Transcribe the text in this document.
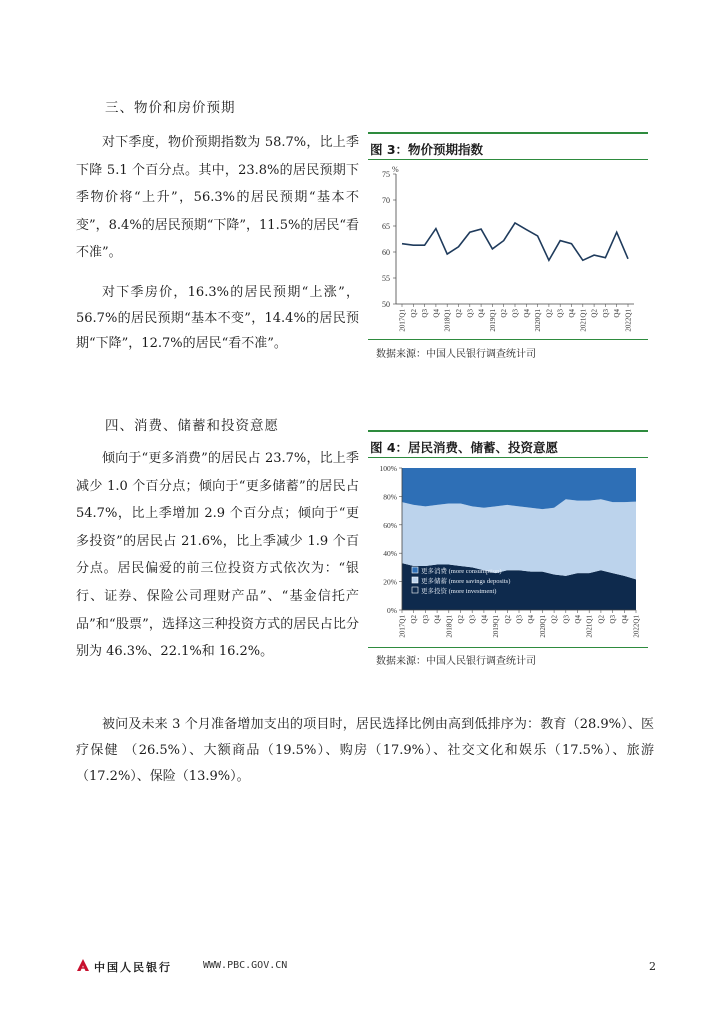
三、物价和房价预期
对下季度，物价预期指数为 58.7%，比上季下降 5.1 个百分点。其中，23.8%的居民预期下季物价将“上升”，56.3%的居民预期“基本不变”，8.4%的居民预期“下降”，11.5%的居民“看不准”。
对下季房价，16.3%的居民预期“上涨”，56.7%的居民预期“基本不变”，14.4%的居民预期“下降”，12.7%的居民“看不准”。
图 3：物价预期指数
%
50
55
60
65
70
75
2017Q1 Q2 Q3 Q4 2018Q1 Q2 Q3 Q4 2019Q1 Q2 Q3 Q4 2020Q1 Q2 Q3 Q4 2021Q1 Q2 Q3 Q4 2022Q1
数据来源：中国人民银行调查统计司
四、消费、储蓄和投资意愿
倾向于“更多消费”的居民占 23.7%，比上季减少 1.0 个百分点；倾向于“更多储蓄”的居民占 54.7%，比上季增加 2.9 个百分点；倾向于“更多投资”的居民占 21.6%，比上季减少 1.9 个百分点。居民偏爱的前三位投资方式依次为：“银行、证券、保险公司理财产品”、“基金信托产品”和“股票”，选择这三种投资方式的居民占比分别为 46.3%、22.1%和 16.2%。
图 4：居民消费、储蓄、投资意愿
0%
20%
40%
60%
80%
100%
更多消费 (more consumption)
更多储蓄 (more savings deposits)
更多投资 (more investment)
2017Q1 Q2 Q3 Q4 2018Q1 Q2 Q3 Q4 2019Q1 Q2 Q3 Q4 2020Q1 Q2 Q3 Q4 2021Q1 Q2 Q3 Q4 2022Q1
数据来源：中国人民银行调查统计司
被问及未来 3 个月准备增加支出的项目时，居民选择比例由高到低排序为：教育（28.9%）、医疗保健 （26.5%）、大额商品（19.5%）、购房（17.9%）、社交文化和娱乐（17.5%）、旅游（17.2%）、保险（13.9%）。
中国人民银行	WWW.PBC.GOV.CN	2
